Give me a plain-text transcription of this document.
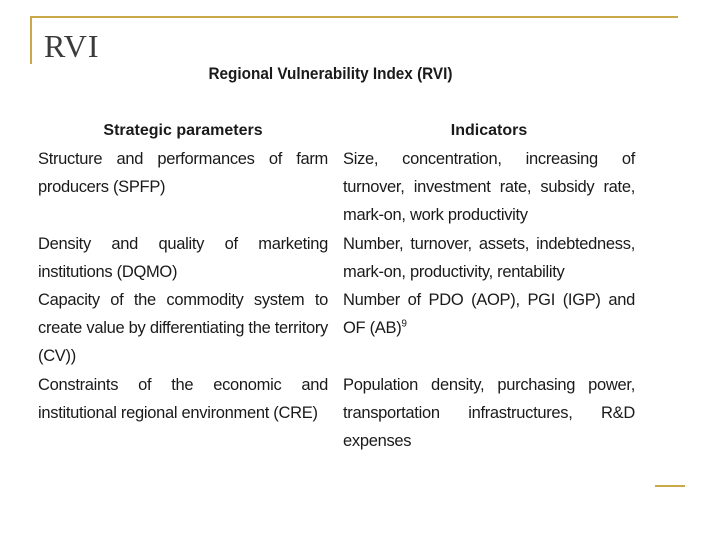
RVI
Regional Vulnerability Index (RVI)
Strategic parameters	Indicators
Structure and performances of farm producers (SPFP)
Size, concentration, increasing of turnover, investment rate, subsidy rate, mark-on, work productivity
Density and quality of marketing institutions (DQMO)
Number, turnover, assets, indebtedness, mark-on, productivity, rentability
Capacity of the commodity system to create value by differentiating the territory (CV))
Number of PDO (AOP), PGI (IGP) and OF (AB)$^9$
Constraints of the economic and institutional regional environment (CRE)
Population density, purchasing power, transportation infrastructures, R&D expenses
